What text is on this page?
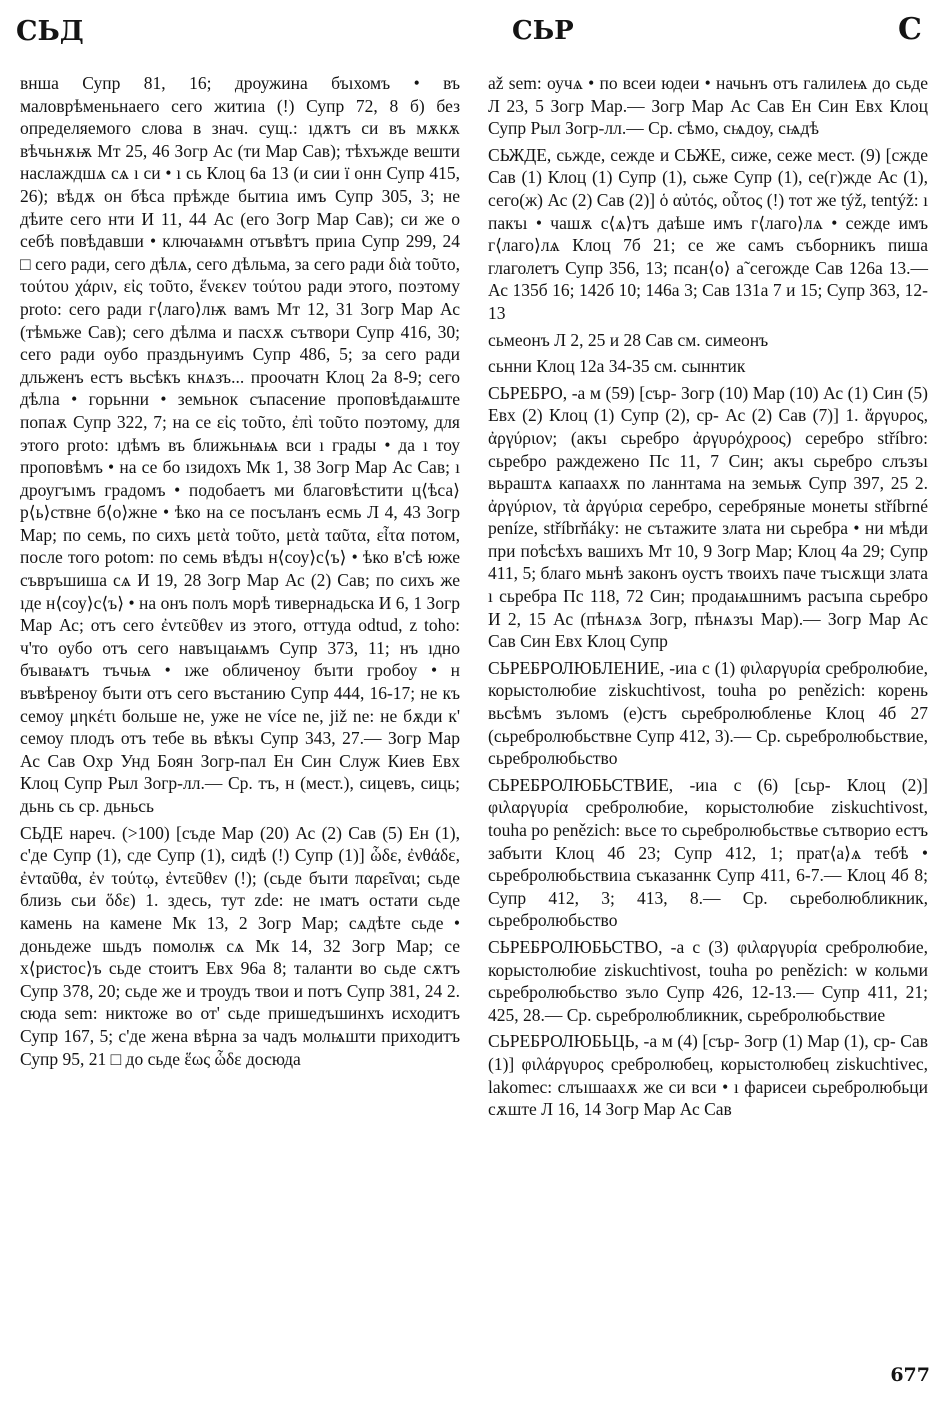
СЬД	СЬР	С

внша Супр 81, 16; дроужина бъıхомъ • въ маловрѣменьнаего сего житиıа (!) Супр 72, 8 б) без определяемого слова в знач. сущ.: ıдѫтъ си въ мѫкѫ вѣчьнѫѭ Мт 25, 46 Зогр Ас (ти Мар Сав); тѣхъжде вешти наслаждшѧ сѧ ı си • ı сь Клоц 6а 13 (и сии ї онн Супр 415, 26); вѣдѫ он бѣса прѣжде бытиıа имъ Супр 305, 3; не дѣите сего нти И 11, 44 Ас (его Зогр Мар Сав); си же о себѣ повѣдавши • ключаѩмн отъвѣтъ приıа Супр 299, 24 □ сего ради, сего дѣлѧ, сего дѣльма, за сего ради διὰ τοῦτο, τούτου χάριν, εἰς τοῦτο, ἕνεκεν τούτου ради этого, поэтому proto: сего ради г⟨лаго⟩лѭ вамъ Мт 12, 31 Зогр Мар Ас (тѣмьже Сав); сего дѣлма и пасхѫ сътвори Супр 416, 30; сего ради оубо праздьнуимъ Супр 486, 5; за сего ради дльженъ естъ вьсѣкъ кнѧзъ... проочатн Клоц 2а 8-9; сего дѣлıа • горьнни • земьнок съпасение проповѣдаѩште попаѫ Супр 322, 7; на се εἰς τοῦτο, ἐπὶ τοῦτο поэтому, для этого proto: ıдѣмъ въ ближьнѩѩ вси ı грады • да ı тоу проповѣмъ • на се бо ıзидохъ Мк 1, 38 Зогр Мар Ас Сав; ı дроугъıмъ градомъ • подобаетъ ми благовѣстити ц⟨ѣса⟩р⟨ь⟩ствне б⟨о⟩жне • ѣко на се посъланъ есмь Л 4, 43 Зогр Мар; по семь, по сихъ μετὰ τοῦτο, μετὰ ταῦτα, εἶτα потом, после того potom: по семь вѣдъı н⟨соу⟩с⟨ъ⟩ • ѣко в'сѣ юже съвръшиша сѧ И 19, 28 Зогр Мар Ас (2) Сав; по сихъ же ıде н⟨соу⟩с⟨ъ⟩ • на онъ полъ морѣ тивернадьска И 6, 1 Зогр Мар Ас; отъ сего ἐντεῦθεν из этого, оттуда odtud, z toho: ч'то оубо отъ сего навъıцаѩмъ Супр 373, 11; нъ ıдно бъıваѩтъ тъчьѩ • ıже обличеноу бъıти гробоу • н въвѣреноу бъıти отъ сего въстанию Супр 444, 16-17; не къ семоу μηκέτι больше не, уже не více ne, již ne: не бѫди к' семоу плодъ отъ тебе вь вѣкъı Супр 343, 27.— Зогр Мар Ас Сав Охр Унд Боян Зогр-пал Ен Син Служ Киев Евх Клоц Супр Рыл Зогр-лл.— Ср. тъ, н (мест.), сицевъ, сиць; дьнь сь ср. дьньсь

СЬДЕ нареч. (>100) [съде Мар (20) Ас (2) Сав (5) Ен (1), с'де Супр (1), сде Супр (1), сидѣ (!) Супр (1)] ὧδε, ἐνθάδε, ἐνταῦθα, ἐν τούτῳ, ἐντεῦθεν (!); (сьде бъıти παρεῖναι; сьде близь сьи ὅδε) 1. здесь, тут zde: не ıматъ остати сьде камень на камене Мк 13, 2 Зогр Мар; сѧдѣте сьде • доньдеже шьдъ помолѭ сѧ Мк 14, 32 Зогр Мар; се х⟨ристос⟩ъ сьде стоитъ Евх 96а 8; таланти во сьде сѫтъ Супр 378, 20; сьде же и троудъ твои и потъ Супр 381, 24 2. сюда sem: никтоже во от' сьде пришедъшинхъ исходитъ Супр 167, 5; с'де жена вѣрна за чадъ молѩшти приходитъ Супр 95, 21 □ до сьде ἕως ὧδε досюда

až sem: оучѧ • по всеи юдеи • начьнъ отъ галилеѩ до сьде Л 23, 5 Зогр Мар.— Зогр Мар Ас Сав Ен Син Евх Клоц Супр Рыл Зогр-лл.— Ср. сѣмо, сѩдоу, сѩдѣ

СЬЖДЕ, сьжде, сежде и СЬЖЕ, сиже, сеже мест. (9) [сжде Сав (1) Клоц (1) Супр (1), сьже Супр (1), се(г)жде Ас (1), сего(ж) Ас (2) Сав (2)] ὁ αὐτός, οὗτος (!) тот же týž, tentýž: ı пакъı • чашѫ с⟨ѧ⟩тъ даѣше имъ г⟨лаго⟩лѧ • сежде имъ г⟨лаго⟩лѧ Клоц 7б 21; се же самъ съборникъ пиша глаголетъ Супр 356, 13; псан⟨о⟩ а̃ сегожде Сав 126а 13.— Ас 135б 16; 142б 10; 146а 3; Сав 131а 7 и 15; Супр 363, 12-13

сьмеонъ Л 2, 25 и 28 Сав см. симеонъ

сьнни Клоц 12а 34-35 см. сыннтик

СЬРЕБРО, -а м (59) [сър- Зогр (10) Мар (10) Ас (1) Син (5) Евх (2) Клоц (1) Супр (2), ср- Ас (2) Сав (7)] 1. ἄργυρος, ἀργύριον; (акъı сьребро ἀργυρόχροος) серебро stříbro: сьребро раждежено Пс 11, 7 Син; акъı сьребро слъзъı вьраштѧ капаахѫ по ланнтама на земьѭ Супр 397, 25 2. ἀργύριον, τὰ ἀργύρια серебро, серебряные монеты stříbrné peníze, stříbrňáky: не сътажите злата ни сьребра • ни мѣди при поѣсѣхъ вашихъ Мт 10, 9 Зогр Мар; Клоц 4а 29; Супр 411, 5; благо мьнѣ законъ оустъ твоихъ паче тъıсѫщи злата ı сьребра Пс 118, 72 Син; продаѩшнимъ расъıпа сьребро И 2, 15 Ас (пѣнѧзѧ Зогр, пѣнѧзъı Мар).— Зогр Мар Ас Сав Син Евх Клоц Супр

СЬРЕБРОЛЮБЛЕНИЕ, -иıа с (1) φιλαργυρία сребролюбие, корыстолюбие ziskuchtivost, touha po penězich: корень вьсѣмъ зъломъ (е)стъ сьребролюбленье Клоц 4б 27 (сьребролюбьствне Супр 412, 3).— Ср. сьребролюбьствие, сьребролюбьство

СЬРЕБРОЛЮБЬСТВИЕ, -иıа с (6) [сьр- Клоц (2)] φιλαργυρία сребролюбие, корыстолюбие ziskuchtivost, touha po penězich: вьсе то сьребролюбьствье сътворио естъ забъıти Клоц 4б 23; Супр 412, 1; прат⟨а⟩ѧ тебѣ • сьребролюбьствиıа съказаннк Супр 411, 6-7.— Клоц 4б 8; Супр 412, 3; 413, 8.— Ср. сьреболюбликник, сьребролюбьство

СЬРЕБРОЛЮБЬСТВО, -а с (3) φιλαργυρία сребролюбие, корыстолюбие ziskuchtivost, touha po penězich: ѡ кольми сьребролюбьство зъло Супр 426, 12-13.— Супр 411, 21; 425, 28.— Ср. сьребролюбликник, сьребролюбьствие

СЬРЕБРОЛЮБЬЦЬ, -а м (4) [сър- Зогр (1) Мар (1), ср- Сав (1)] φιλάργυρος сребролюбец, корыстолюбец ziskuchtivec, lakomec: слъıшаахѫ же си вси • ı фарисеи сьребролюбьци сѫште Л 16, 14 Зогр Мар Ас Сав

677
